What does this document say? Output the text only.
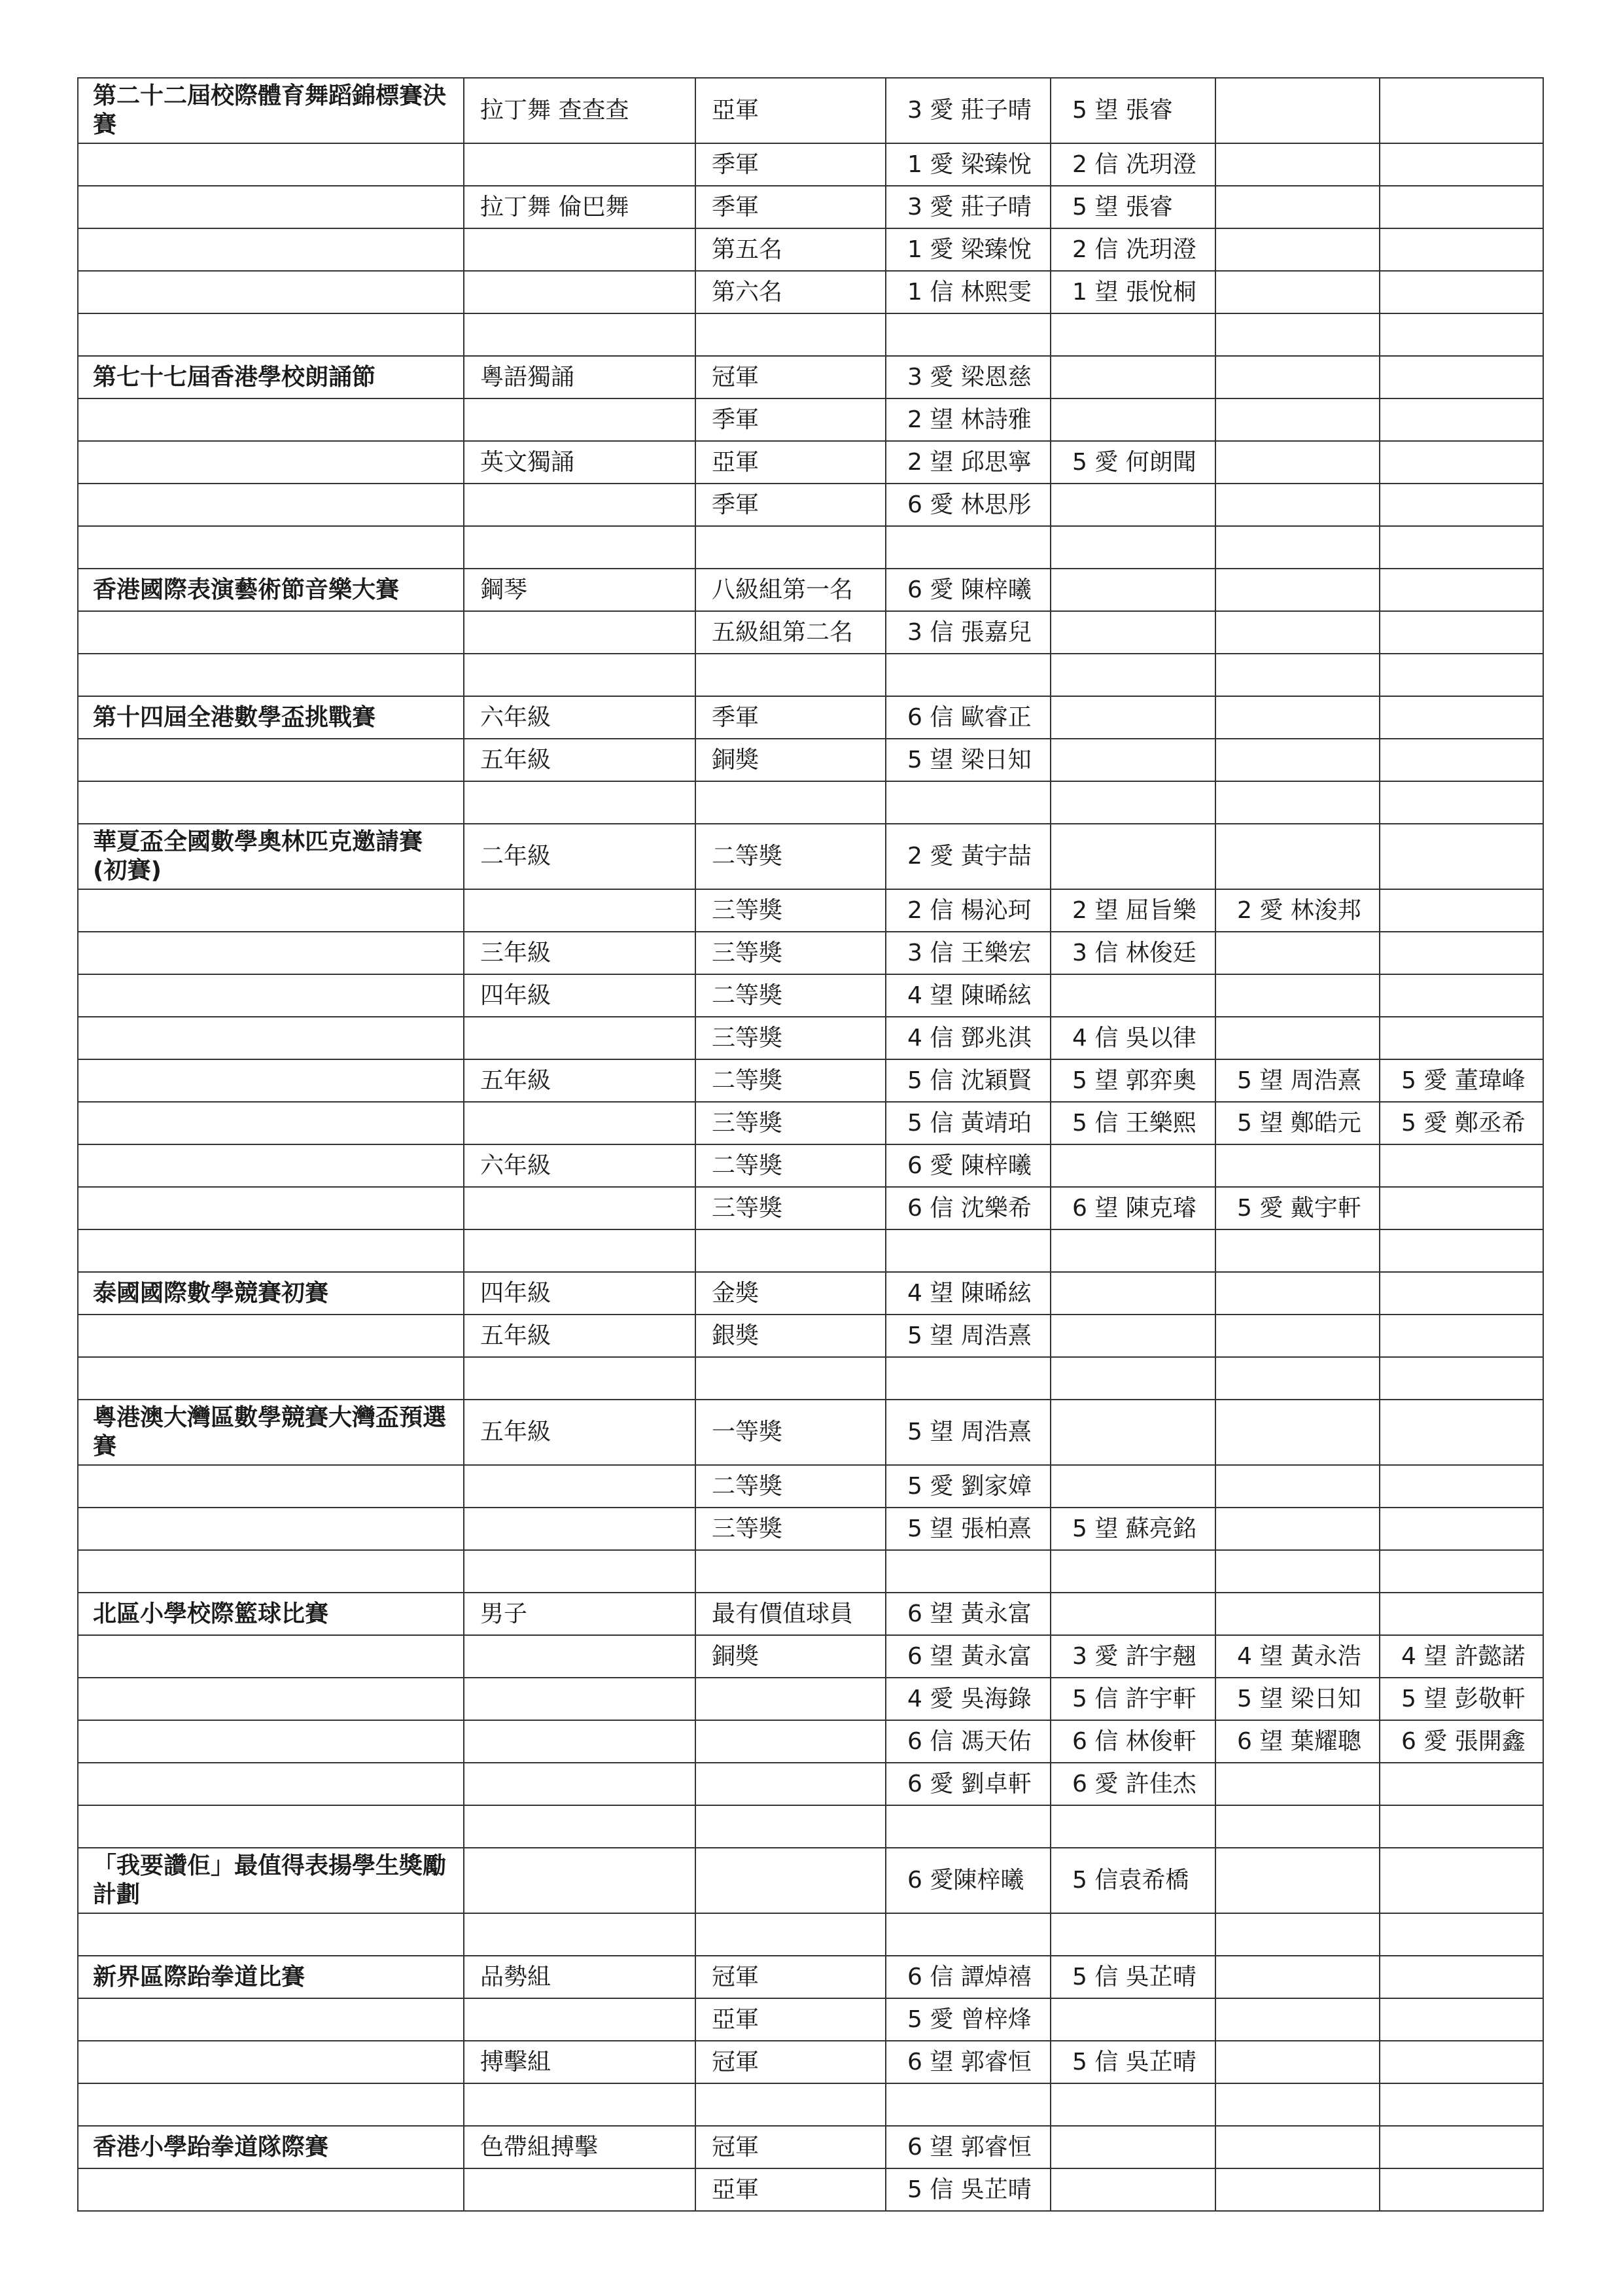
第二十二屆校際體育舞蹈錦標賽決賽	拉丁舞 查查查	亞軍	3 愛 莊子晴	5 望 張睿		
		季軍	1 愛 梁臻悅	2 信 冼玥澄		
	拉丁舞 倫巴舞	季軍	3 愛 莊子晴	5 望 張睿		
		第五名	1 愛 梁臻悅	2 信 冼玥澄		
		第六名	1 信 林熙雯	1 望 張悅桐		

第七十七屆香港學校朗誦節	粵語獨誦	冠軍	3 愛 梁恩慈			
		季軍	2 望 林詩雅			
	英文獨誦	亞軍	2 望 邱思寧	5 愛 何朗聞		
		季軍	6 愛 林思彤			

香港國際表演藝術節音樂大賽	鋼琴	八級組第一名	6 愛 陳梓曦			
		五級組第二名	3 信 張嘉兒			

第十四屆全港數學盃挑戰賽	六年級	季軍	6 信 歐睿正			
	五年級	銅獎	5 望 梁日知			

華夏盃全國數學奧林匹克邀請賽(初賽)	二年級	二等獎	2 愛 黃宇喆			
		三等獎	2 信 楊沁珂	2 望 屈旨樂	2 愛 林浚邦	
	三年級	三等獎	3 信 王樂宏	3 信 林俊廷		
	四年級	二等獎	4 望 陳晞絃			
		三等獎	4 信 鄧兆淇	4 信 吳以律		
	五年級	二等獎	5 信 沈穎賢	5 望 郭弈奧	5 望 周浩熹	5 愛 董瑋峰
		三等獎	5 信 黃靖珀	5 信 王樂熙	5 望 鄭皓元	5 愛 鄭丞希
	六年級	二等獎	6 愛 陳梓曦			
		三等獎	6 信 沈樂希	6 望 陳克璿	5 愛 戴宇軒	

泰國國際數學競賽初賽	四年級	金獎	4 望 陳晞絃			
	五年級	銀獎	5 望 周浩熹			

粵港澳大灣區數學競賽大灣盃預選賽	五年級	一等獎	5 望 周浩熹			
		二等獎	5 愛 劉家嫜			
		三等獎	5 望 張柏熹	5 望 蘇亮銘		

北區小學校際籃球比賽	男子	最有價值球員	6 望 黃永富			
		銅獎	6 望 黃永富	3 愛 許宇翹	4 望 黃永浩	4 望 許懿諾
			4 愛 吳海錄	5 信 許宇軒	5 望 梁日知	5 望 彭敬軒
			6 信 馮天佑	6 信 林俊軒	6 望 葉耀聰	6 愛 張開鑫
			6 愛 劉卓軒	6 愛 許佳杰		

「我要讚佢」最值得表揚學生獎勵計劃			6 愛陳梓曦	5 信袁希橋		

新界區際跆拳道比賽	品勢組	冠軍	6 信 譚焯禧	5 信 吳芷晴		
		亞軍	5 愛 曾梓烽			
	搏擊組	冠軍	6 望 郭睿恒	5 信 吳芷晴		

香港小學跆拳道隊際賽	色帶組搏擊	冠軍	6 望 郭睿恒			
		亞軍	5 信 吳芷晴			
